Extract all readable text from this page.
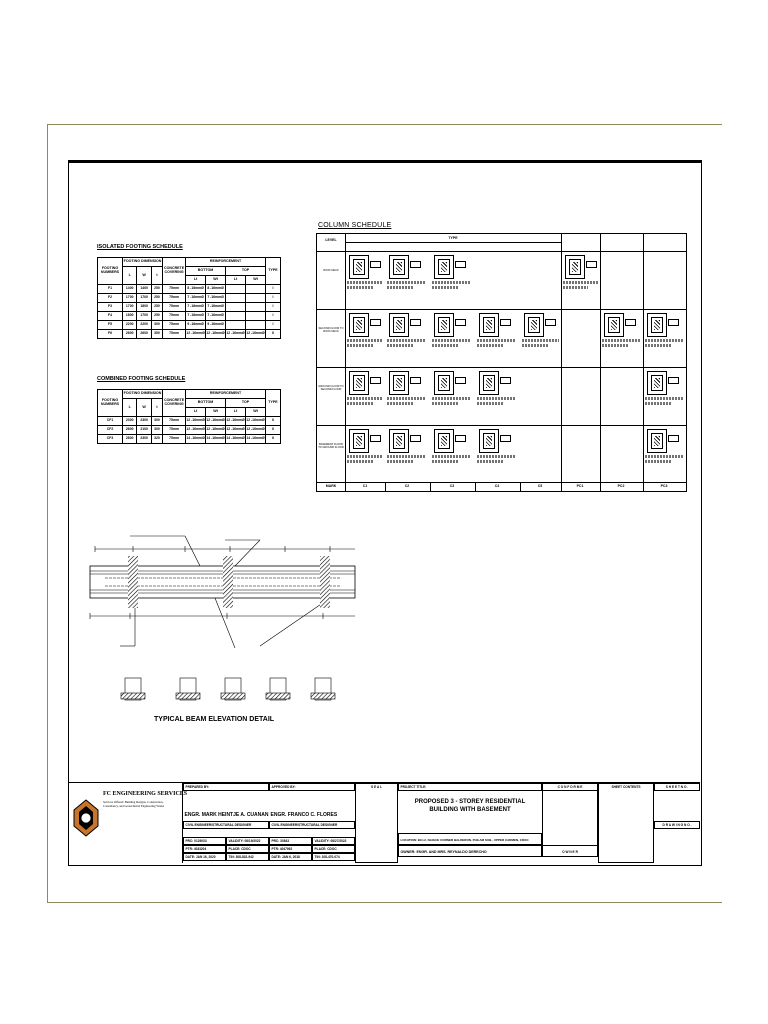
ISOLATED FOOTING SCHEDULE
FOOTING NUMBERS	FOOTING DIMENSION			CONCRETE COVERING	REINFORCEMENT				TYPE
	L	W	t		BOTTOM		TOP		
					Lt	Wt	Lt	Wt	
F1	1400	1400	250	75mm	8 -16mmØ	8 -16mmØ			I
F2	1700	1700	250	75mm	7 -16mmØ	7 -16mmØ			I
F3	1700	1800	250	75mm	7 -16mmØ	7 -16mmØ			I
F4	1800	1700	250	75mm	7 -16mmØ	7 -16mmØ			I
F5	2200	2200	300	75mm	9 -16mmØ	9 -16mmØ			I
F6	2600	2600	350	75mm	12 -16mmØ	12 -16mmØ	12 -16mmØ	12 -16mmØ	II
COMBINED FOOTING SCHEDULE
FOOTING NUMBERS	FOOTING DIMENSION			CONCRETE COVERING	REINFORCEMENT				TYPE
	L	W	t		BOTTOM		TOP		
					Lt	Wt	Lt	Wt	
CF1	2300	2300	300	75mm	12 -16mmØ	12 -16mmØ	12 -16mmØ	12 -16mmØ	II
CF2	2600	2100	300	75mm	12 -16mmØ	12 -16mmØ	12 -16mmØ	12 -16mmØ	II
CF3	2800	2300	320	75mm	14 -16mmØ	14 -16mmØ	14 -16mmØ	14 -16mmØ	II
COLUMN SCHEDULE
LEVEL	TYPE
ROOF DECK
SECOND FLOOR TO ROOF DECK
GROUND FLOOR TO SECOND FLOOR
BASEMENT FLOOR TO GROUND FLOOR
MARK	C1	C2	C3	C4	C5	PC1	PC2	PC3
TYPICAL BEAM ELEVATION DETAIL
PREPARED BY:	APPROVED BY:	S E A L	PROJECT TITLE:	C O N F O R M E	SHEET CONTENTS	S H E E T N O .
D R A W I N G N O .
ENGR. MARK HEINTJE A. CUANAN
CIVIL ENGINEER/STRUCTURAL DESIGNER
PRC: 0129033	VALIDITY: 08/19/2022
PTR: 4033204	PLACE: CDOC
DATE: JAN 16, 2020	TIN: 308-832-942
ENGR. FRANCO C. FLORES
CIVIL ENGINEER/STRUCTURAL DESIGNER
PRC: 30843	VALIDITY: 08/27/2022
PTR: 4047992	PLACE: CDOC
DATE: JAN 6, 2018	TIN: 108-470-074
PROPOSED 3 - STOREY RESIDENTIAL BUILDING WITH BASEMENT
LOCATION: B9 L2, NAIGUE CORNER BALDERON, PHILAM SUB., UPPER CARMEN, CDOC
OWNER: ENGR. AND MRS. REYNALDO DERECHO	O W N E R
FC ENGINEERING SERVICES
Services Offered: Building Designs, Construction, Consultancy, and Geotechnical Engineering Works
